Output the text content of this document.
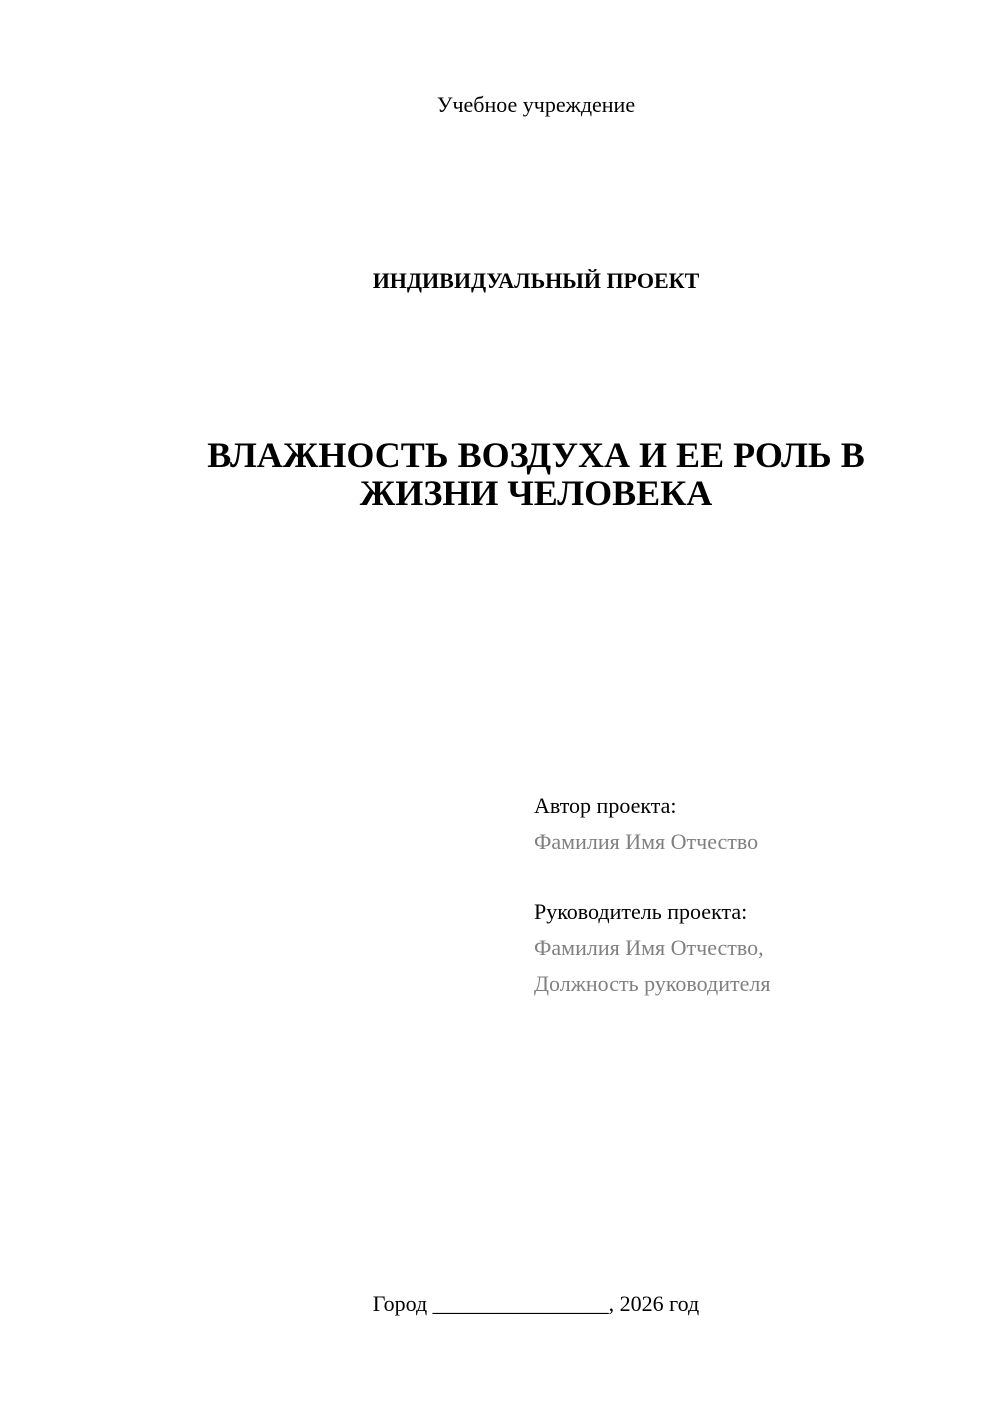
Учебное учреждение
ИНДИВИДУАЛЬНЫЙ ПРОЕКТ
ВЛАЖНОСТЬ ВОЗДУХА И ЕЕ РОЛЬ В
ЖИЗНИ ЧЕЛОВЕКА
Автор проекта:
Фамилия Имя Отчество
Руководитель проекта:
Фамилия Имя Отчество,
Должность руководителя
Город ________________, 2026 год
